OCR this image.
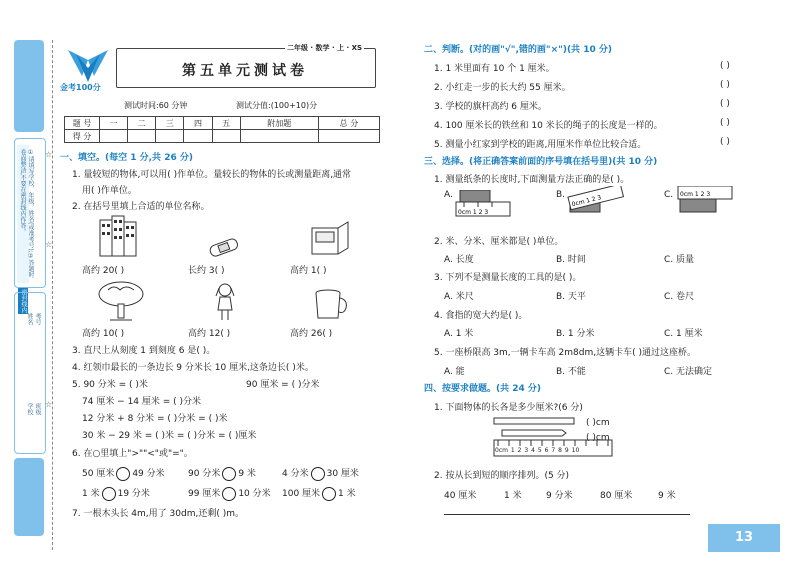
①请填写学校、年级、姓名(或准考号);②答题时卷面整洁,不要在密封线内作答。
密封线内
学校 班级
姓名 考号
☆
☆
☆
金考100分
二年级 · 数学 · 上 · XS
第五单元测试卷
测试时间:60 分钟	测试分值:(100+10)分
题 号	一	二	三	四	五	附加题	总 分
得 分							
一、填空。(每空 1 分,共 26 分)
1. 量较短的物体,可以用( )作单位。量较长的物体的长或测量距离,通常
用( )作单位。
2. 在括号里填上合适的单位名称。
高约 20( )	长约 3( )	高约 1( )
高约 10( )	高约 12( )	高约 26( )
3. 直尺上从刻度 1 到刻度 6 是( )。
4. 红领巾最长的一条边长 9 分米长 10 厘米,这条边长( )米。
5. 90 分米 = ( )米	90 厘米 = ( )分米
74 厘米 − 14 厘米 = ( )分米
12 分米 + 8 分米 = ( )分米 = ( )米
30 米 − 29 米 = ( )米 = ( )分米 = ( )厘米
6. 在○里填上">""<"或"="。
50 厘米 49 分米	90 分米 9 米	4 分米 30 厘米
1 米 19 分米	99 厘米 10 分米 100 厘米 1 米
7. 一根木头长 4m,用了 30dm,还剩( )m。
二、判断。(对的画"√",错的画"×")(共 10 分)
1. 1 米里面有 10 个 1 厘米。
2. 小红走一步的长大约 55 厘米。
3. 学校的旗杆高约 6 厘米。
4. 100 厘米长的铁丝和 10 米长的绳子的长度是一样的。
5. 测量小红家到学校的距离,用厘米作单位比较合适。
( )
( )
( )
( )
( )
三、选择。(将正确答案前面的序号填在括号里)(共 10 分)
1. 测量纸条的长度时,下面测量方法正确的是( )。
A.
0cm 1 2 3
B. 0cm 1 2 3	C. 0cm 1 2 3
2. 米、分米、厘米都是( )单位。
A. 长度	B. 时间	C. 质量
3. 下列不是测量长度的工具的是( )。
A. 米尺	B. 天平	C. 卷尺
4. 食指的宽大约是( )。
A. 1 米	B. 1 分米	C. 1 厘米
5. 一座桥限高 3m,一辆卡车高 2m8dm,这辆卡车( )通过这座桥。
A. 能	B. 不能	C. 无法确定
四、按要求做题。(共 24 分)
1. 下面物体的长各是多少厘米?(6 分)
0cm 1 2 3 4 5 6 7 8 9 10
( )cm
( )cm
2. 按从长到短的顺序排列。(5 分)
40 厘米	1 米	9 分米	80 厘米	9 米
13
